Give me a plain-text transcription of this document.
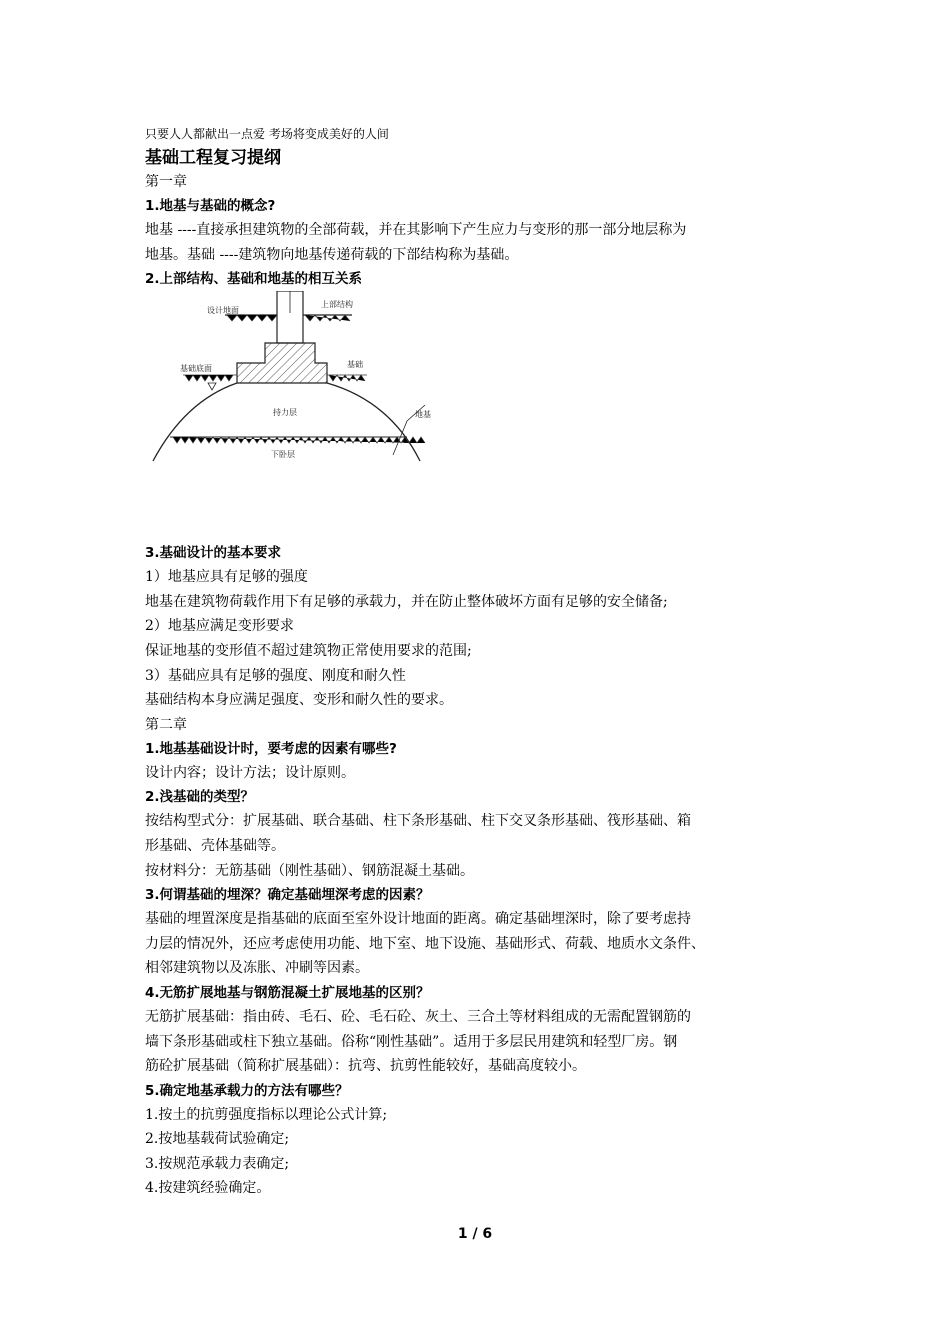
只要人人都献出一点爱 考场将变成美好的人间

基础工程复习提纲

第一章

1.地基与基础的概念?

地基 ----直接承担建筑物的全部荷载，并在其影响下产生应力与变形的那一部分地层称为

地基。基础 ----建筑物向地基传递荷载的下部结构称为基础。

2.上部结构、基础和地基的相互关系

设计地面
上部结构
基础底面	基础
持力层	地基
下卧层

3.基础设计的基本要求

1）地基应具有足够的强度

地基在建筑物荷载作用下有足够的承载力，并在防止整体破坏方面有足够的安全储备;

2）地基应满足变形要求

保证地基的变形值不超过建筑物正常使用要求的范围;

3）基础应具有足够的强度、刚度和耐久性

基础结构本身应满足强度、变形和耐久性的要求。

第二章

1.地基基础设计时，要考虑的因素有哪些?

设计内容；设计方法；设计原则。

2.浅基础的类型？

按结构型式分：扩展基础、联合基础、柱下条形基础、柱下交叉条形基础、筏形基础、箱

形基础、壳体基础等。

按材料分：无筋基础（刚性基础）、钢筋混凝土基础。

3.何谓基础的埋深？确定基础埋深考虑的因素？

基础的埋置深度是指基础的底面至室外设计地面的距离。确定基础埋深时，除了要考虑持

力层的情况外，还应考虑使用功能、地下室、地下设施、基础形式、荷载、地质水文条件、

相邻建筑物以及冻胀、冲刷等因素。

4.无筋扩展地基与钢筋混凝土扩展地基的区别？

无筋扩展基础：指由砖、毛石、砼、毛石砼、灰土、三合土等材料组成的无需配置钢筋的

墙下条形基础或柱下独立基础。俗称“刚性基础”。适用于多层民用建筑和轻型厂房。钢

筋砼扩展基础（简称扩展基础）：抗弯、抗剪性能较好，基础高度较小。

5.确定地基承载力的方法有哪些？

1.按土的抗剪强度指标以理论公式计算;

2.按地基载荷试验确定;

3.按规范承载力表确定;

4.按建筑经验确定。

1 / 6
